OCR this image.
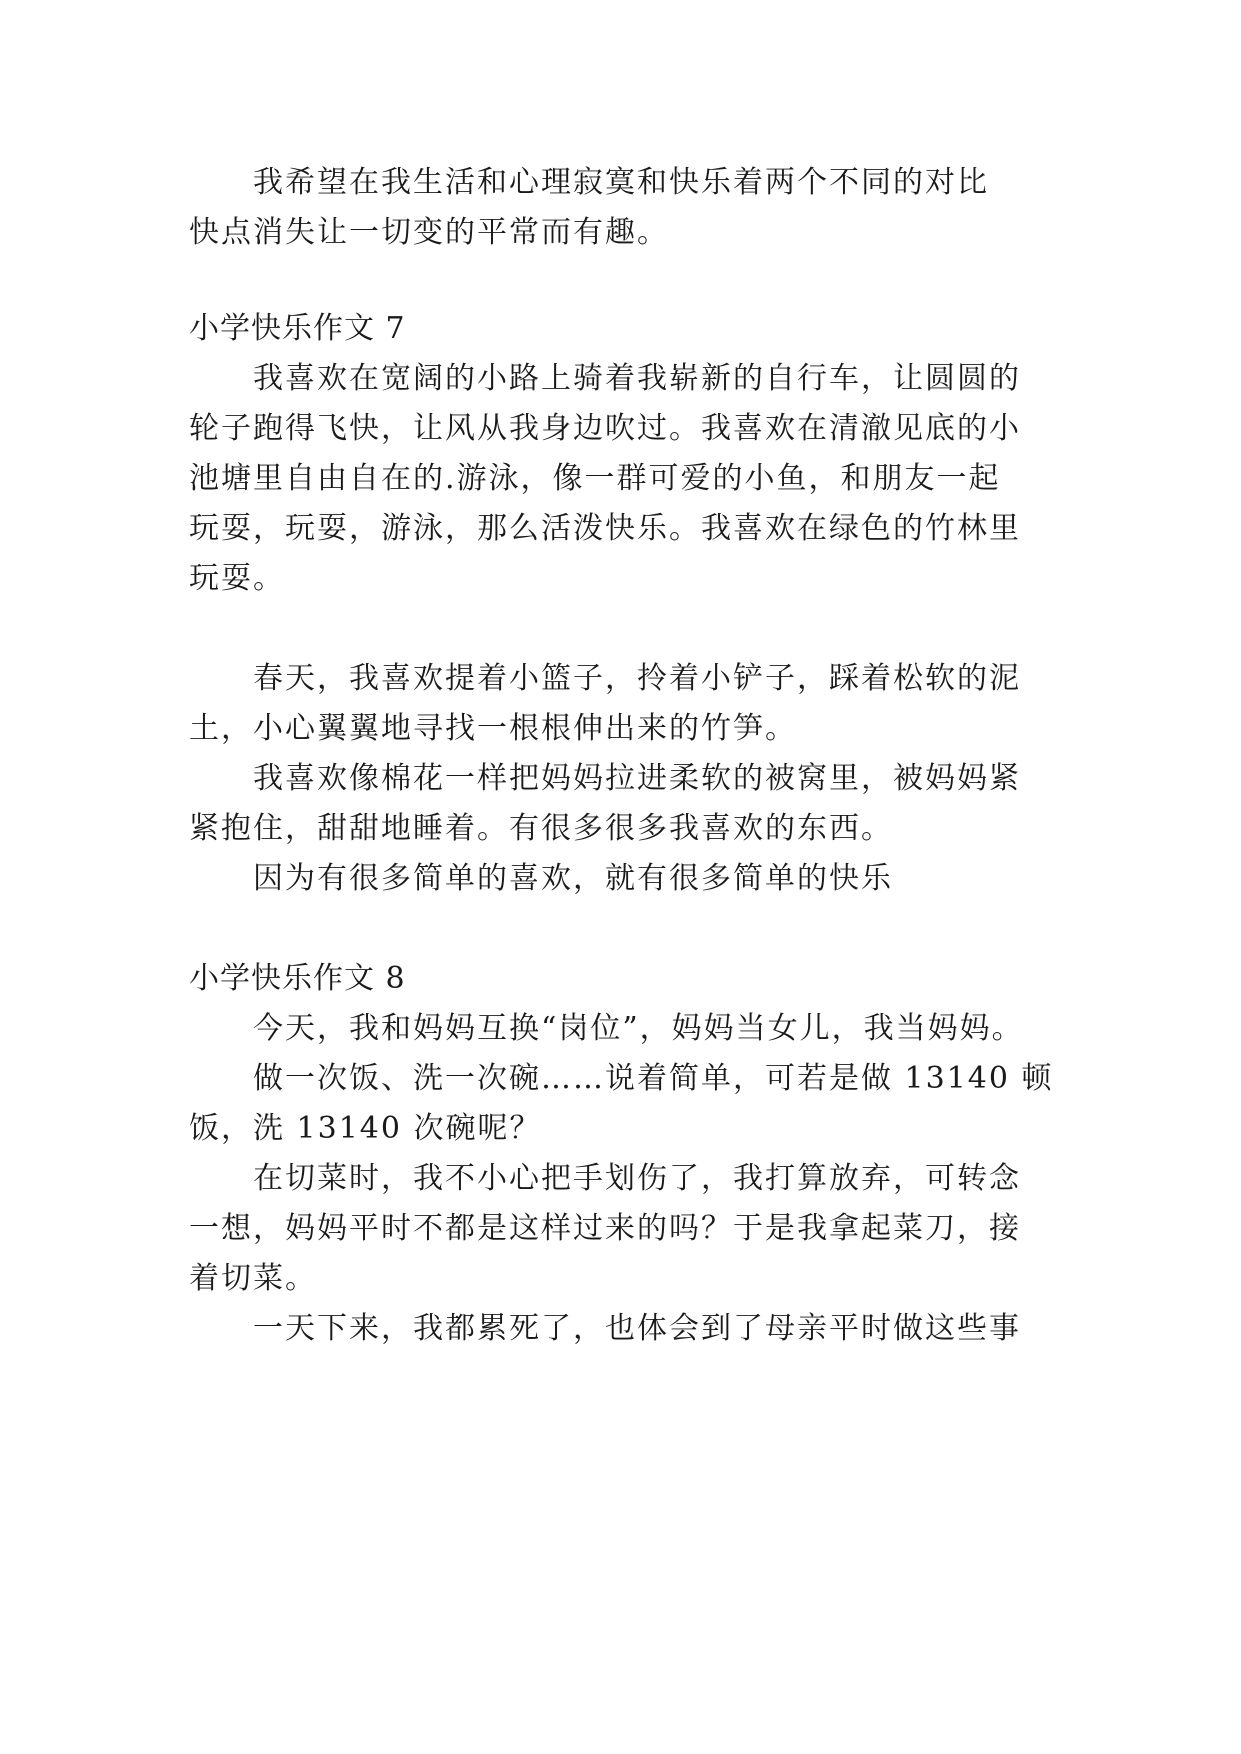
我希望在我生活和心理寂寞和快乐着两个不同的对比
快点消失让一切变的平常而有趣。
小学快乐作文 7
我喜欢在宽阔的小路上骑着我崭新的自行车，让圆圆的
轮子跑得飞快，让风从我身边吹过。我喜欢在清澈见底的小
池塘里自由自在的.游泳，像一群可爱的小鱼，和朋友一起
玩耍，玩耍，游泳，那么活泼快乐。我喜欢在绿色的竹林里
玩耍。
春天，我喜欢提着小篮子，拎着小铲子，踩着松软的泥
土，小心翼翼地寻找一根根伸出来的竹笋。
我喜欢像棉花一样把妈妈拉进柔软的被窝里，被妈妈紧
紧抱住，甜甜地睡着。有很多很多我喜欢的东西。
因为有很多简单的喜欢，就有很多简单的快乐
小学快乐作文 8
今天，我和妈妈互换“岗位”，妈妈当女儿，我当妈妈。
做一次饭、洗一次碗……说着简单，可若是做 13140 顿
饭，洗 13140 次碗呢？
在切菜时，我不小心把手划伤了，我打算放弃，可转念
一想，妈妈平时不都是这样过来的吗？于是我拿起菜刀，接
着切菜。
一天下来，我都累死了，也体会到了母亲平时做这些事
